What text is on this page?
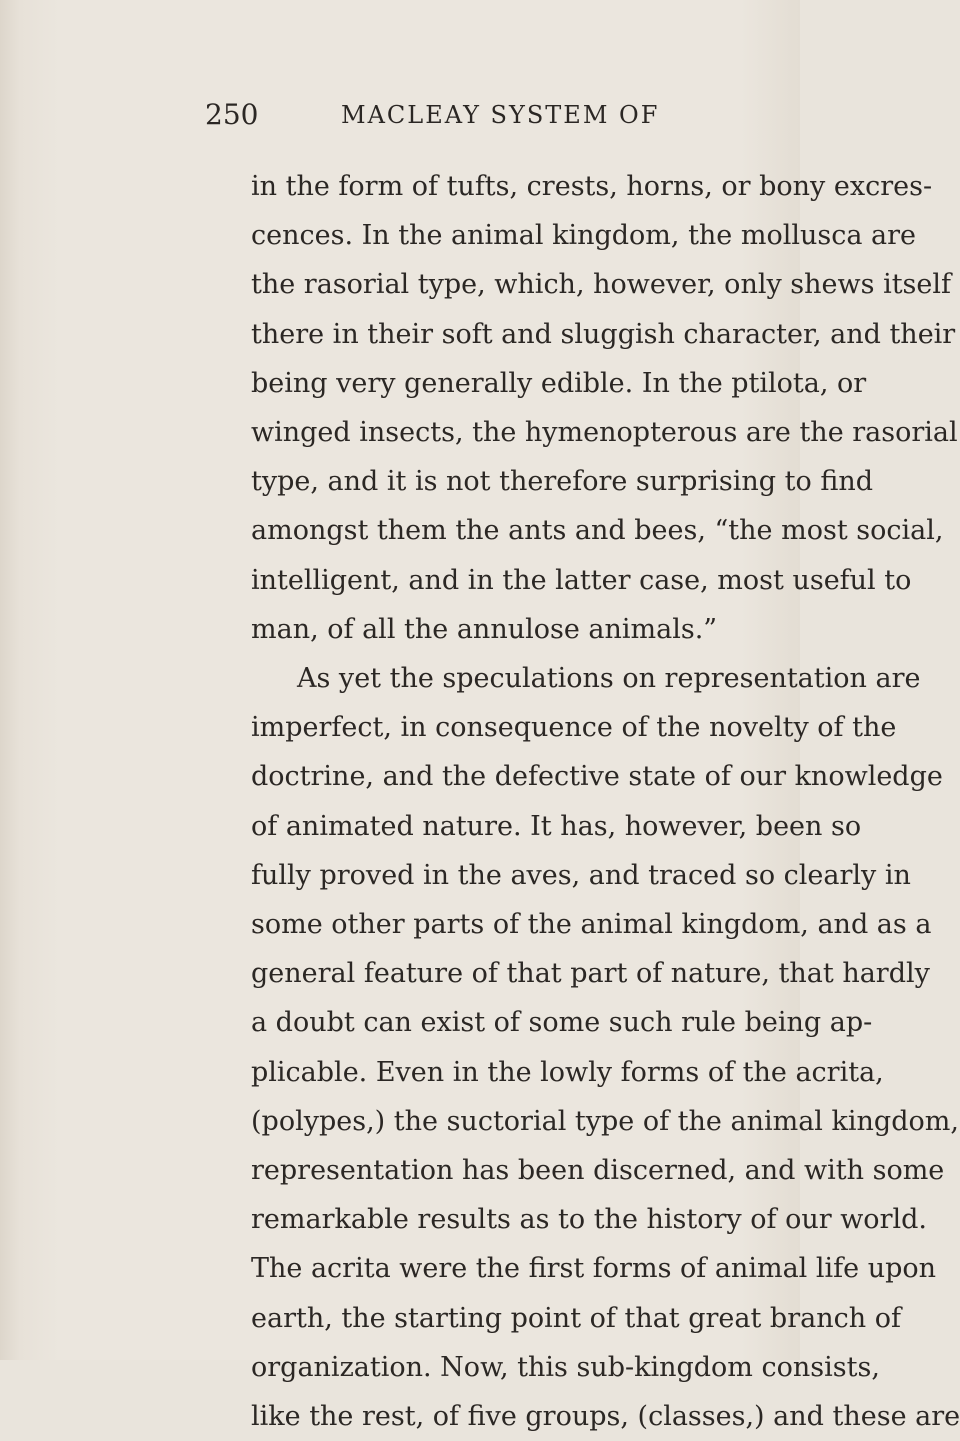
250	MACLEAY SYSTEM OF
in the form of tufts, crests, horns, or bony excres-
cences. In the animal kingdom, the mollusca are
the rasorial type, which, however, only shews itself
there in their soft and sluggish character, and their
being very generally edible. In the ptilota, or
winged insects, the hymenopterous are the rasorial
type, and it is not therefore surprising to find
amongst them the ants and bees, “the most social,
intelligent, and in the latter case, most useful to
man, of all the annulose animals.”
As yet the speculations on representation are
imperfect, in consequence of the novelty of the
doctrine, and the defective state of our knowledge
of animated nature. It has, however, been so
fully proved in the aves, and traced so clearly in
some other parts of the animal kingdom, and as a
general feature of that part of nature, that hardly
a doubt can exist of some such rule being ap-
plicable. Even in the lowly forms of the acrita,
(polypes,) the suctorial type of the animal kingdom,
representation has been discerned, and with some
remarkable results as to the history of our world.
The acrita were the first forms of animal life upon
earth, the starting point of that great branch of
organization. Now, this sub-kingdom consists,
like the rest, of five groups, (classes,) and these are
